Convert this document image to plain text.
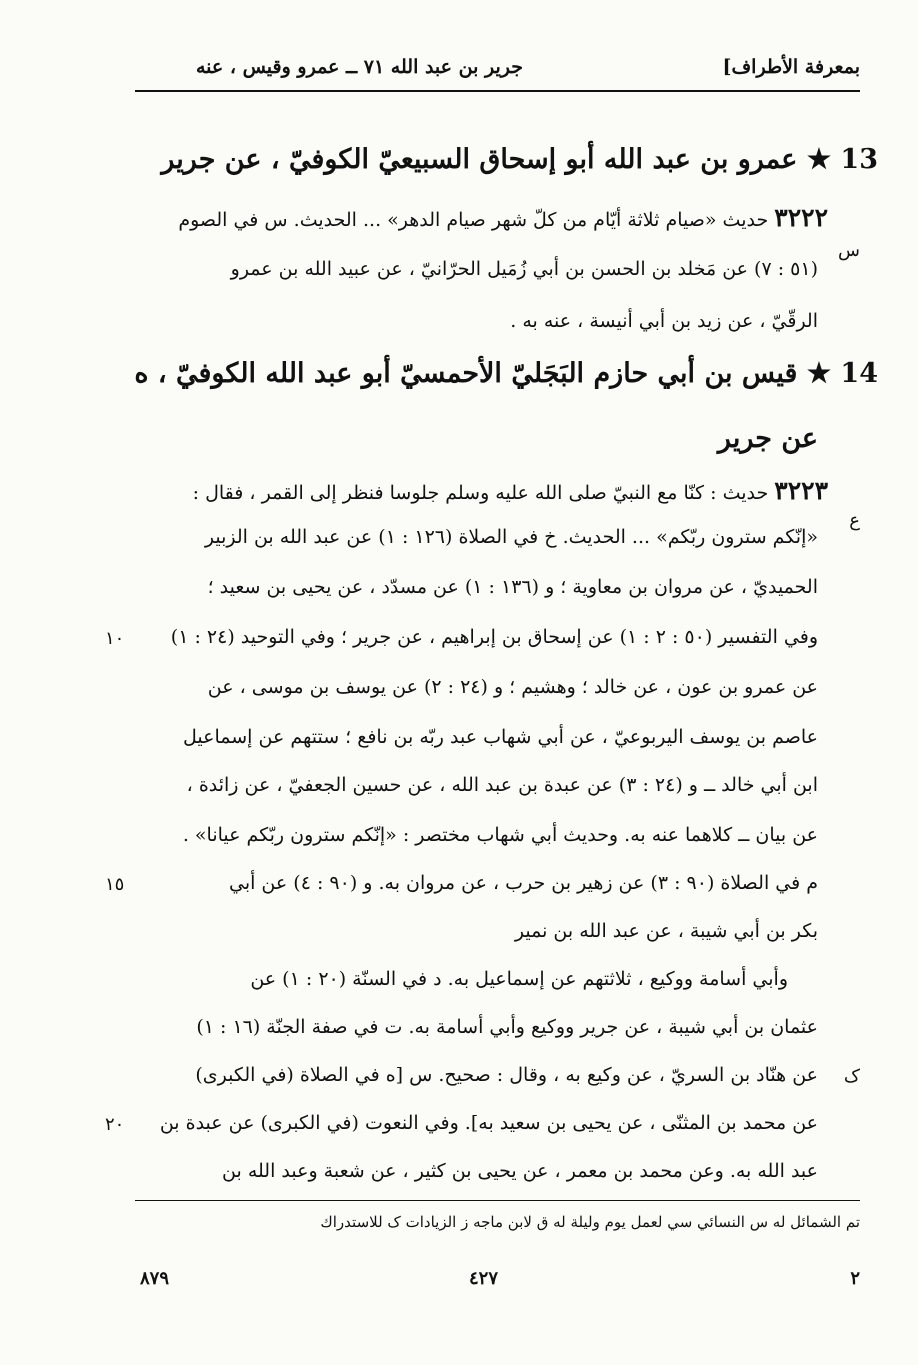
بمعرفة الأطراف]
جرير بن عبد الله ٧١ ــ عمرو وقيس ، عنه
13 ★ عمرو بن عبد الله أبو إسحاق السبيعيّ الكوفيّ ، عن جرير
٣٢٢٢ حديث «صيام ثلاثة أيّام من كلّ شهر صيام الدهر» ... الحديث. س في الصوم
س
(٥١ : ٧) عن مَخلد بن الحسن بن أبي زُمَيل الحرّانيّ ، عن عبيد الله بن عمرو
الرقّيّ ، عن زيد بن أبي أنيسة ، عنه به .
14 ★ قيس بن أبي حازم البَجَليّ الأحمسيّ أبو عبد الله الكوفيّ ، ه
عن جرير
٣٢٢٣ حديث : كنّا مع النبيّ صلى الله عليه وسلم جلوسا فنظر إلى القمر ، فقال :
ع
«إنّكم سترون ربّكم» ... الحديث. خ في الصلاة (١٢٦ : ١) عن عبد الله بن الزبير
الحميديّ ، عن مروان بن معاوية ؛ و (١٣٦ : ١) عن مسدّد ، عن يحيى بن سعيد ؛
وفي التفسير (٥٠ : ٢ : ١) عن إسحاق بن إبراهيم ، عن جرير ؛ وفي التوحيد (٢٤ : ١)
١٠
عن عمرو بن عون ، عن خالد ؛ وهشيم ؛ و (٢٤ : ٢) عن يوسف بن موسى ، عن
عاصم بن يوسف اليربوعيّ ، عن أبي شهاب عبد ربّه بن نافع ؛ ستتهم عن إسماعيل
ابن أبي خالد ــ و (٢٤ : ٣) عن عبدة بن عبد الله ، عن حسين الجعفيّ ، عن زائدة ،
عن بيان ــ كلاهما عنه به. وحديث أبي شهاب مختصر : «إنّكم سترون ربّكم عيانا» .
م في الصلاة (٩٠ : ٣) عن زهير بن حرب ، عن مروان به. و (٩٠ : ٤) عن أبي
١٥
بكر بن أبي شيبة ، عن عبد الله بن نمير
وأبي أسامة ووكيع ، ثلاثتهم عن إسماعيل به. د في السنّة (٢٠ : ١) عن
عثمان بن أبي شيبة ، عن جرير ووكيع وأبي أسامة به. ت في صفة الجنّة (١٦ : ١)
ک
عن هنّاد بن السريّ ، عن وكيع به ، وقال : صحيح. س [ه في الصلاة (في الكبرى)
عن محمد بن المثنّى ، عن يحيى بن سعيد به]. وفي النعوت (في الكبرى) عن عبدة بن
٢٠
عبد الله به. وعن محمد بن معمر ، عن يحيى بن كثير ، عن شعبة وعبد الله بن
تم الشمائل له س النسائي سي لعمل يوم وليلة له ق لابن ماجه ز الزيادات ک للاستدراك
٢
٤٢٧
٨٧٩
